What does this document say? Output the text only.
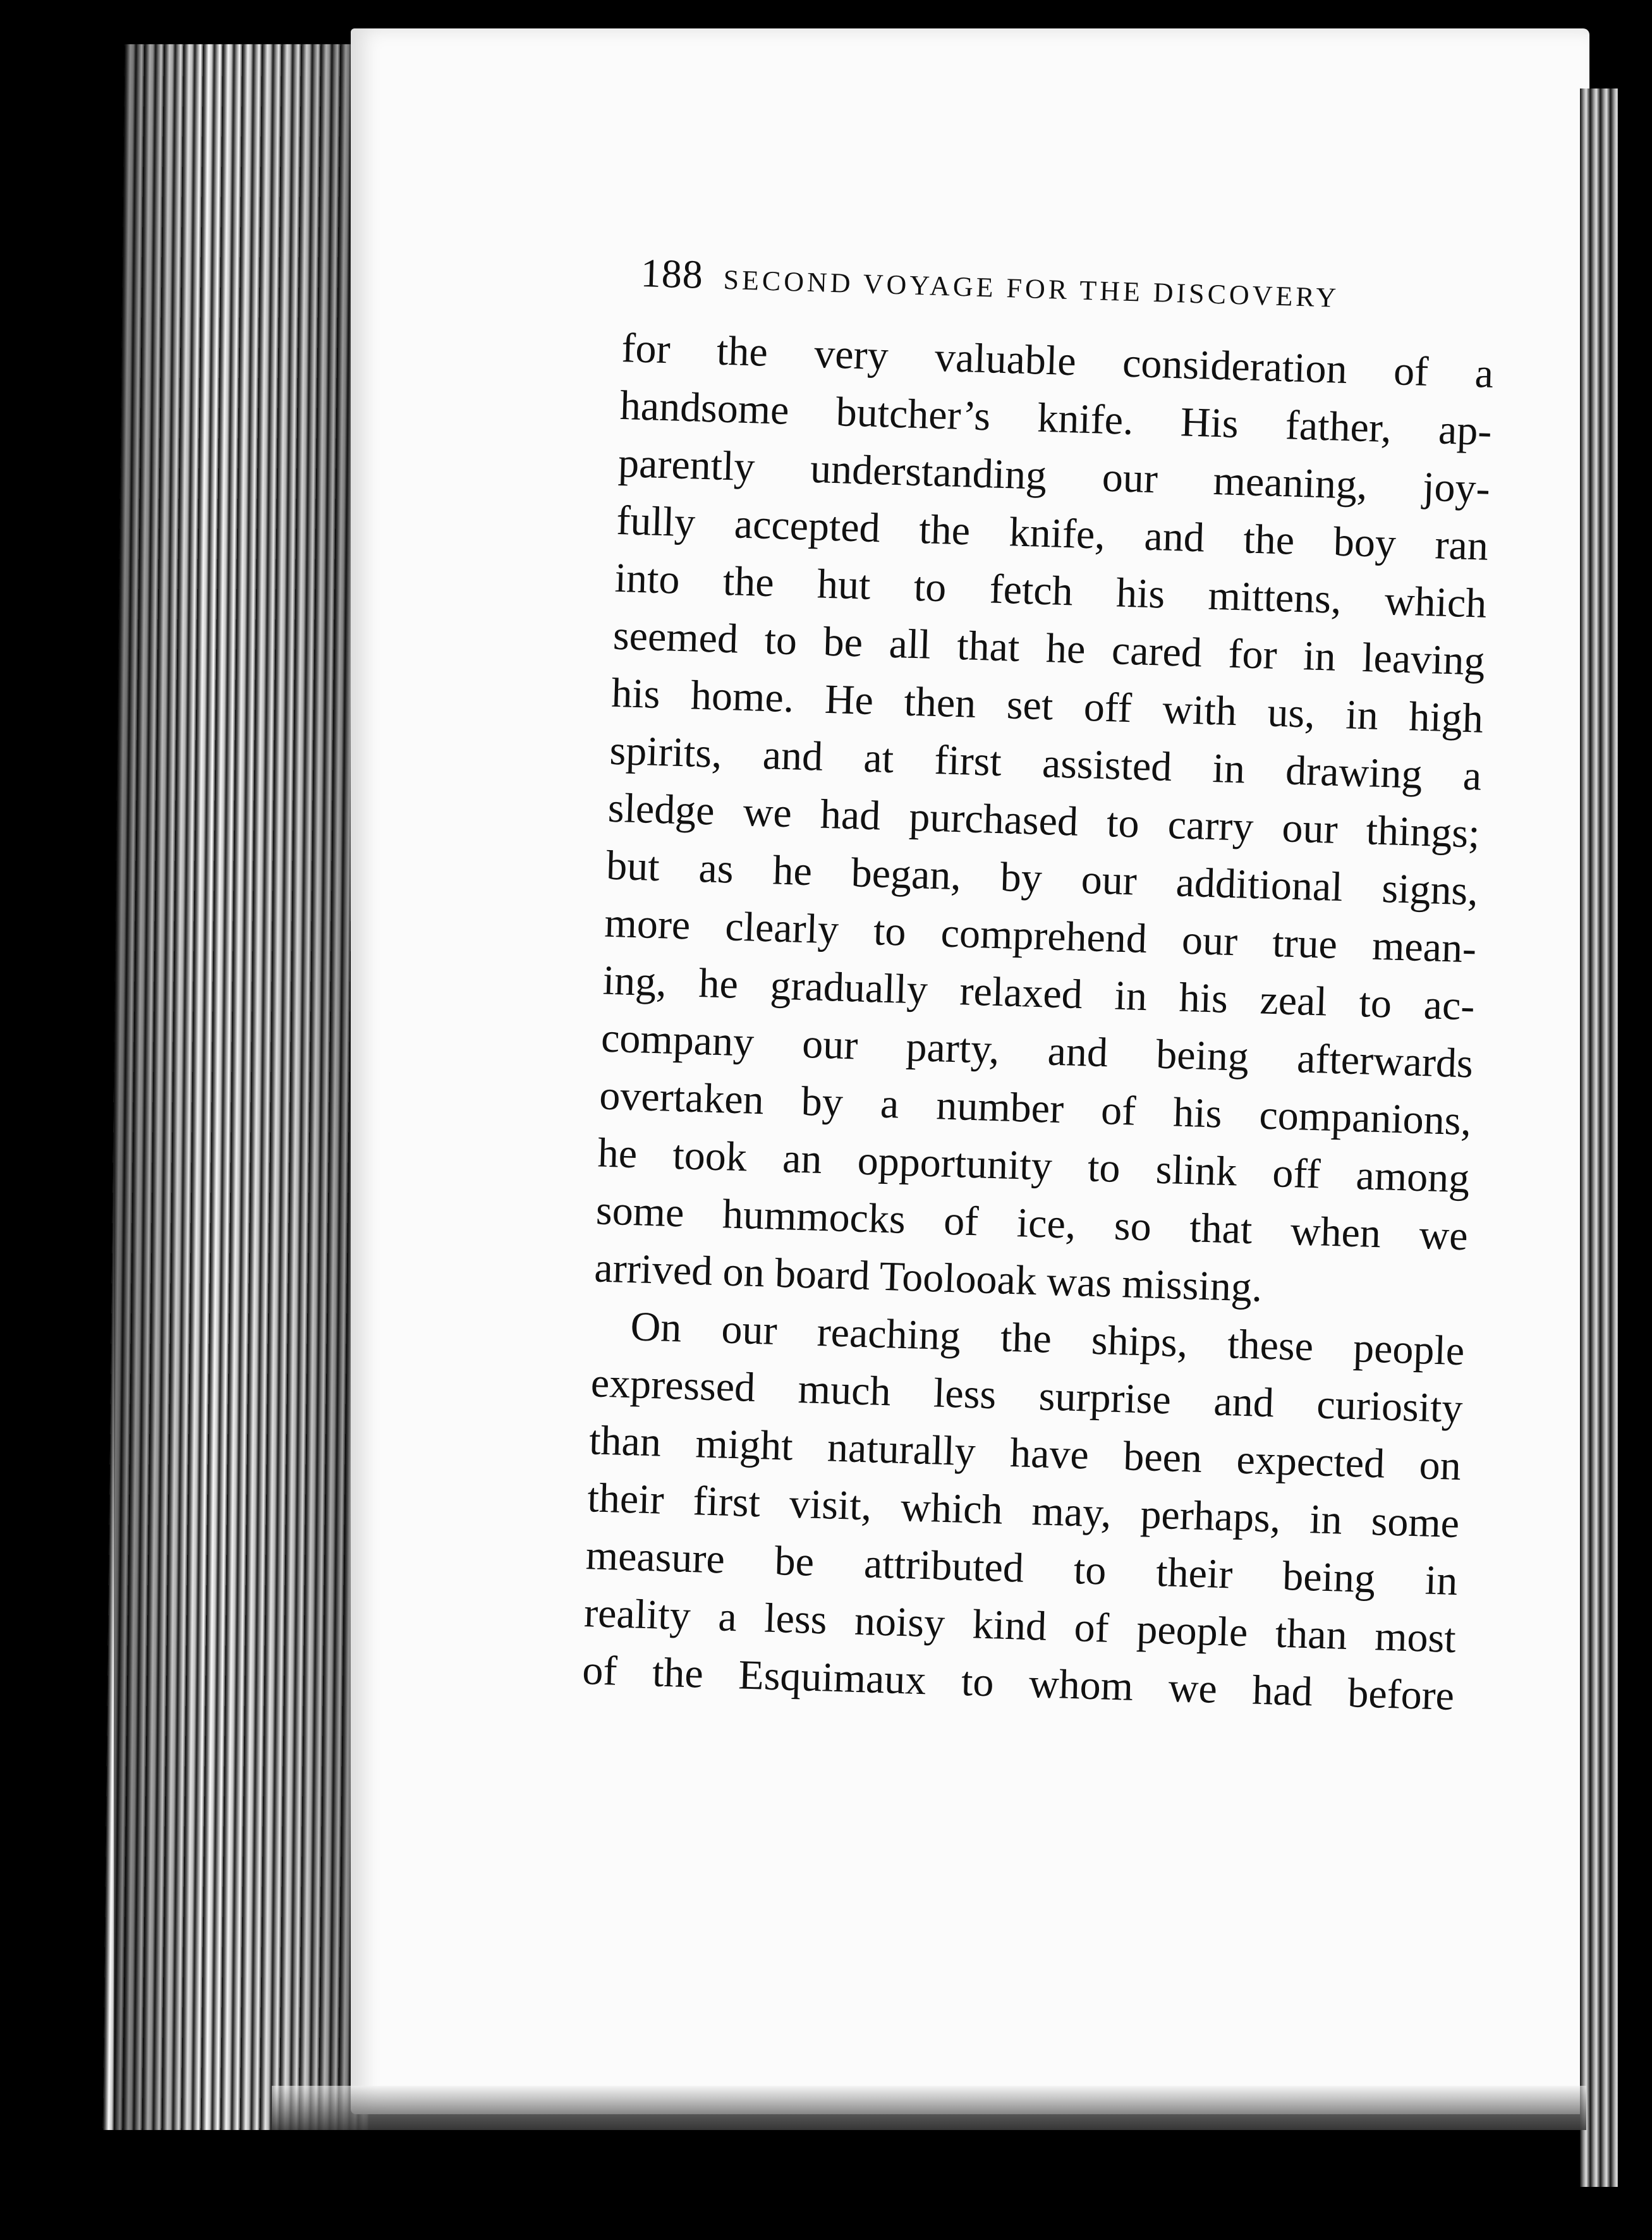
188 SECOND VOYAGE FOR THE DISCOVERY
for the very valuable consideration of a
handsome butcher’s knife. His father, ap-
parently understanding our meaning, joy-
fully accepted the knife, and the boy ran
into the hut to fetch his mittens, which
seemed to be all that he cared for in leaving
his home. He then set off with us, in high
spirits, and at first assisted in drawing a
sledge we had purchased to carry our things;
but as he began, by our additional signs,
more clearly to comprehend our true mean-
ing, he gradually relaxed in his zeal to ac-
company our party, and being afterwards
overtaken by a number of his companions,
he took an opportunity to slink off among
some hummocks of ice, so that when we
arrived on board Toolooak was missing.
On our reaching the ships, these people
expressed much less surprise and curiosity
than might naturally have been expected on
their first visit, which may, perhaps, in some
measure be attributed to their being in
reality a less noisy kind of people than most
of the Esquimaux to whom we had before
